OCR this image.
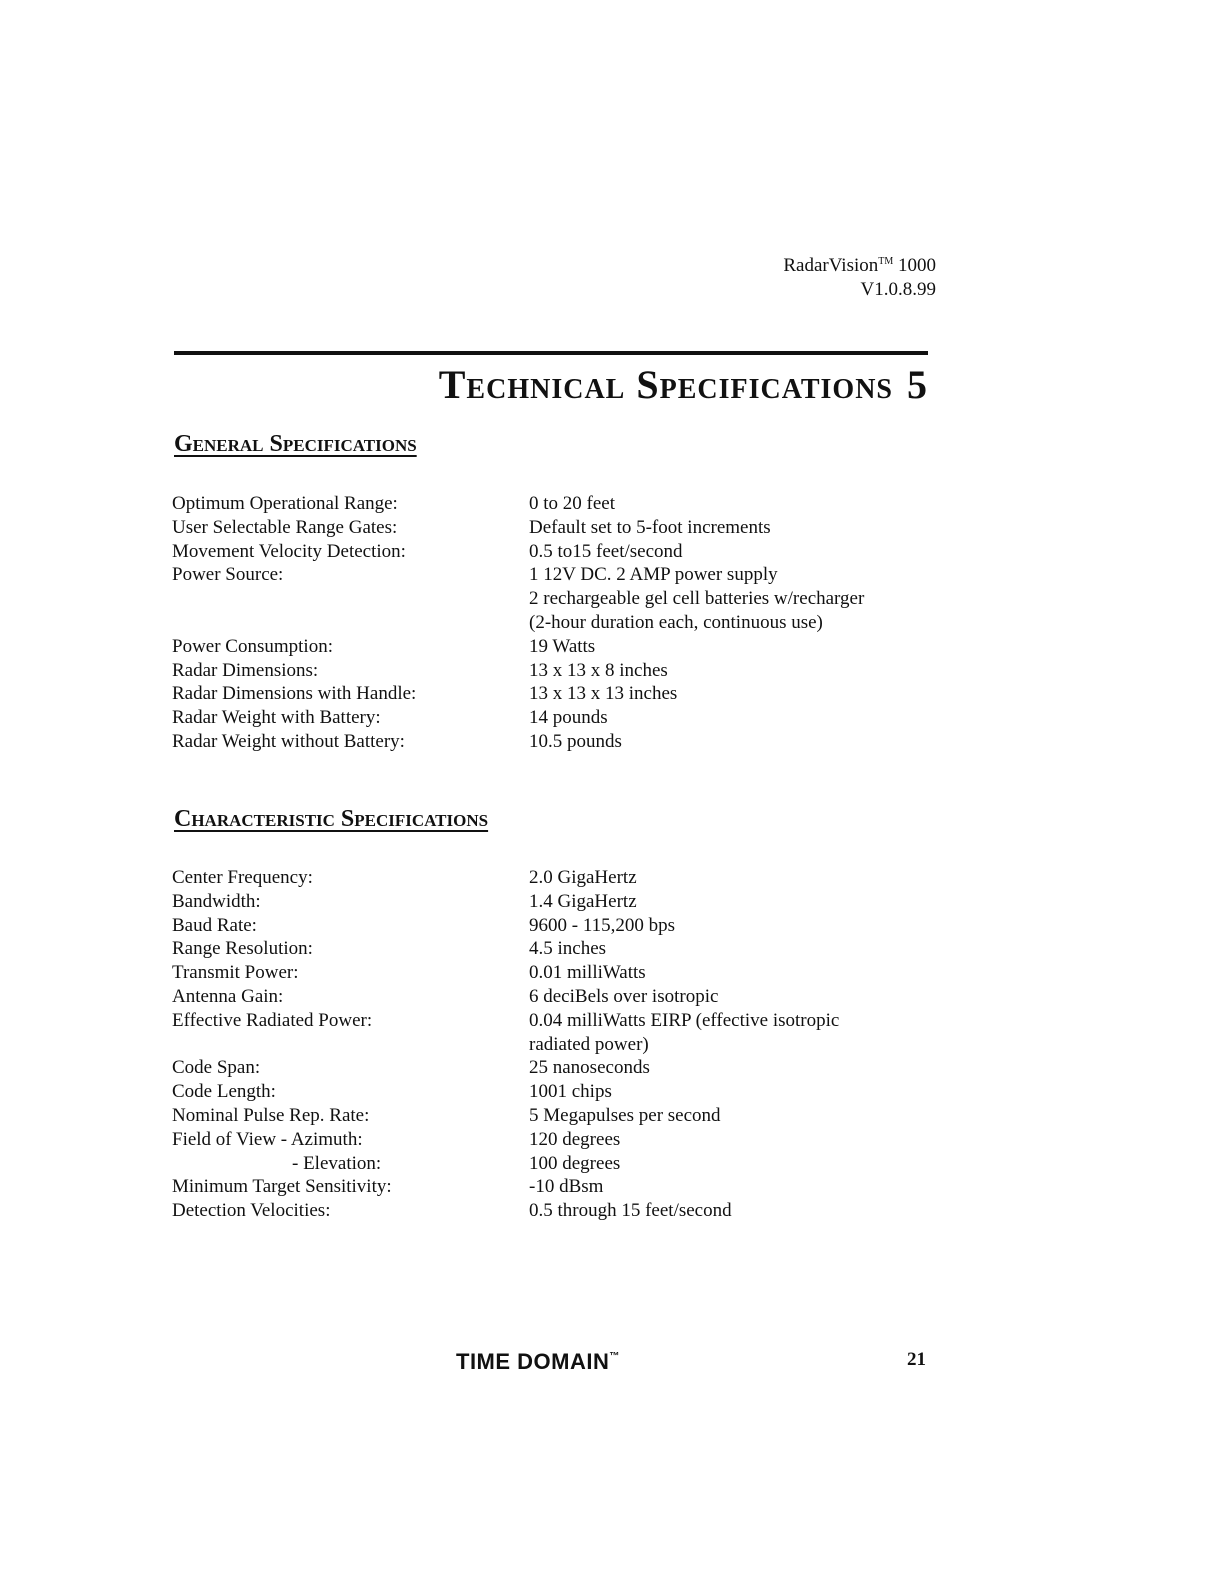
RadarVision™ 1000
V1.0.8.99
Technical Specifications 5
General Specifications
Optimum Operational Range:	0 to 20 feet
User Selectable Range Gates:	Default set to 5-foot increments
Movement Velocity Detection:	0.5 to15 feet/second
Power Source:	1 12V DC. 2 AMP power supply
2 rechargeable gel cell batteries w/recharger
(2-hour duration each, continuous use)
Power Consumption:	19 Watts
Radar Dimensions:	13 x 13 x 8 inches
Radar Dimensions with Handle:	13 x 13 x 13 inches
Radar Weight with Battery:	14 pounds
Radar Weight without Battery:	10.5 pounds
Characteristic Specifications
Center Frequency:	2.0 GigaHertz
Bandwidth:	1.4 GigaHertz
Baud Rate:	9600 - 115,200 bps
Range Resolution:	4.5 inches
Transmit Power:	0.01 milliWatts
Antenna Gain:	6 deciBels over isotropic
Effective Radiated Power:	0.04 milliWatts EIRP (effective isotropic
radiated power)
Code Span:	25 nanoseconds
Code Length:	1001 chips
Nominal Pulse Rep. Rate:	5 Megapulses per second
Field of View - Azimuth:	120 degrees
- Elevation:	100 degrees
Minimum Target Sensitivity:	-10 dBsm
Detection Velocities:	0.5 through 15 feet/second
TIME DOMAIN™	21
